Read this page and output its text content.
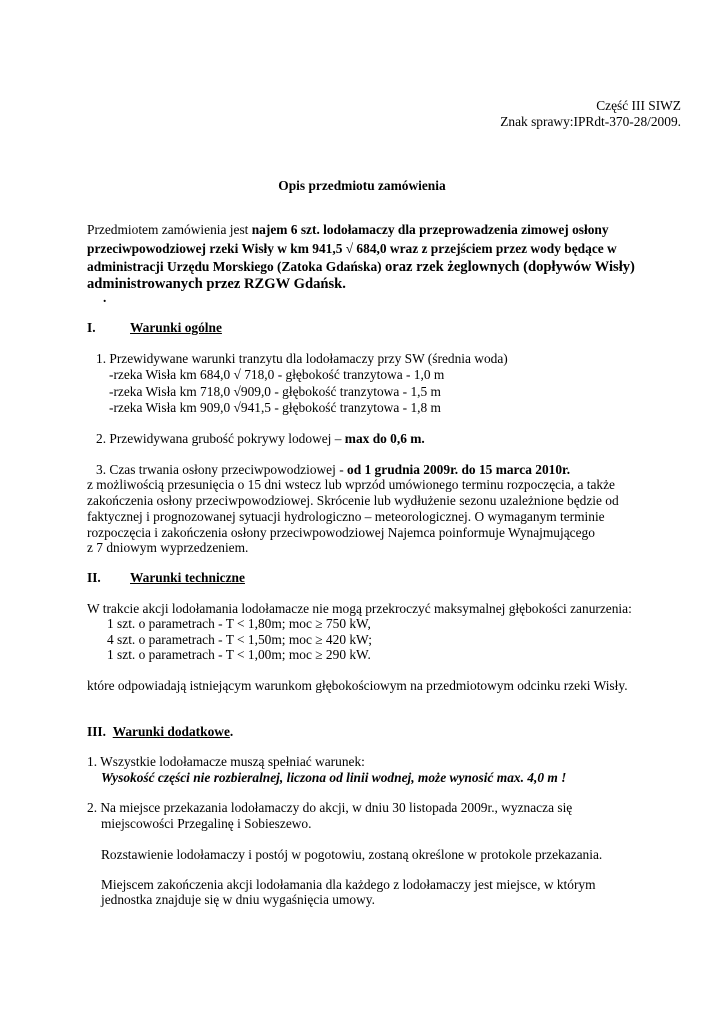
Część III SIWZ
Znak sprawy:IPRdt-370-28/2009.
Opis przedmiotu zamówienia
Przedmiotem zamówienia jest najem 6 szt. lodołamaczy dla przeprowadzenia zimowej osłony
przeciwpowodziowej rzeki Wisły w km 941,5 √ 684,0 wraz z przejściem przez wody będące w
administracji Urzędu Morskiego (Zatoka Gdańska) oraz rzek żeglownych (dopływów Wisły)
administrowanych przez RZGW Gdańsk.
.
I.	Warunki ogólne
1. Przewidywane warunki tranzytu dla lodołamaczy przy SW (średnia woda)
-rzeka Wisła km 684,0 √ 718,0 - głębokość tranzytowa - 1,0 m
-rzeka Wisła km 718,0 √909,0 - głębokość tranzytowa - 1,5 m
-rzeka Wisła km 909,0 √941,5 - głębokość tranzytowa - 1,8 m
2. Przewidywana grubość pokrywy lodowej – max do 0,6 m.
3. Czas trwania osłony przeciwpowodziowej - od 1 grudnia 2009r. do 15 marca 2010r.
z możliwością przesunięcia o 15 dni wstecz lub wprzód umówionego terminu rozpoczęcia, a także
zakończenia osłony przeciwpowodziowej. Skrócenie lub wydłużenie sezonu uzależnione będzie od
faktycznej i prognozowanej sytuacji hydrologiczno – meteorologicznej. O wymaganym terminie
rozpoczęcia i zakończenia osłony przeciwpowodziowej Najemca poinformuje Wynajmującego
z 7 dniowym wyprzedzeniem.
II. Warunki techniczne
W trakcie akcji lodołamania lodołamacze nie mogą przekroczyć maksymalnej głębokości zanurzenia:
1 szt. o parametrach - T < 1,80m; moc ≥ 750 kW,
4 szt. o parametrach - T < 1,50m; moc ≥ 420 kW;
1 szt. o parametrach - T < 1,00m; moc ≥ 290 kW.
które odpowiadają istniejącym warunkom głębokościowym na przedmiotowym odcinku rzeki Wisły.
III. Warunki dodatkowe.
1. Wszystkie lodołamacze muszą spełniać warunek:
Wysokość części nie rozbieralnej, liczona od linii wodnej, może wynosić max. 4,0 m !
2. Na miejsce przekazania lodołamaczy do akcji, w dniu 30 listopada 2009r., wyznacza się
miejscowości Przegalinę i Sobieszewo.
Rozstawienie lodołamaczy i postój w pogotowiu, zostaną określone w protokole przekazania.
Miejscem zakończenia akcji lodołamania dla każdego z lodołamaczy jest miejsce, w którym
jednostka znajduje się w dniu wygaśnięcia umowy.
